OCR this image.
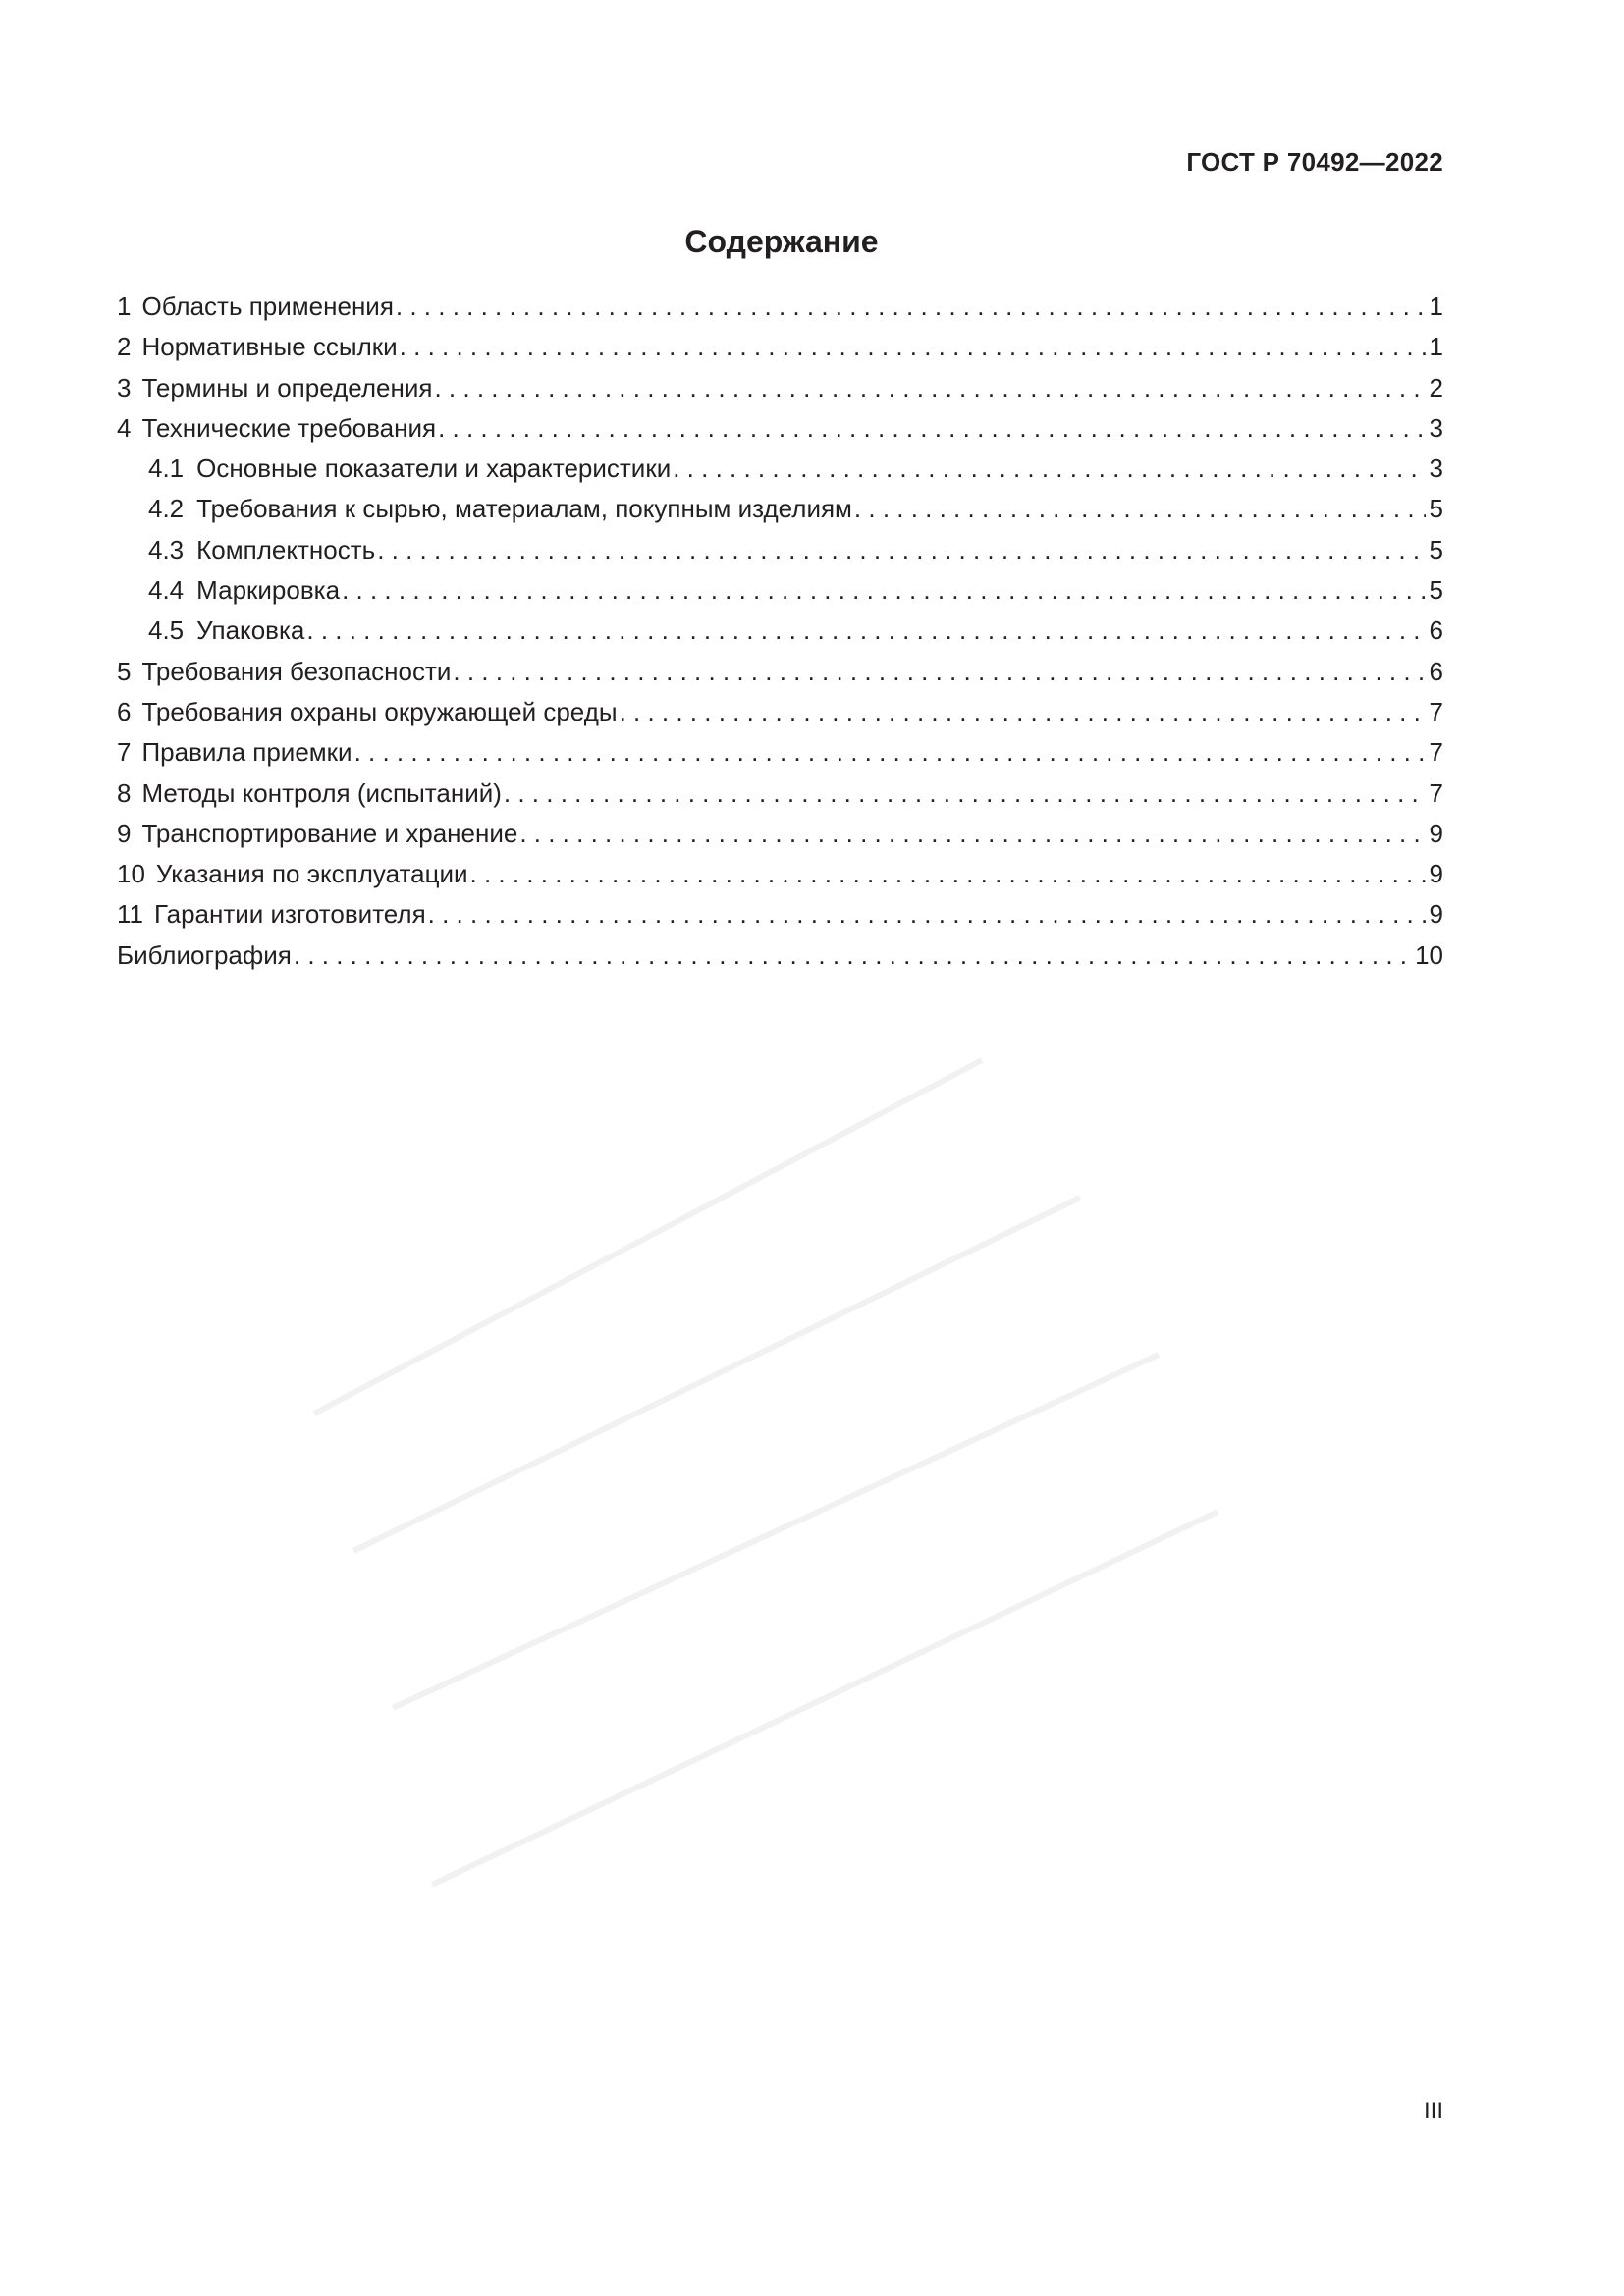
ГОСТ Р 70492—2022
Содержание
1 Область применения . . .	1
2 Нормативные ссылки . . .	1
3 Термины и определения . . .	2
4 Технические требования . . .	3
4.1 Основные показатели и характеристики . . .	3
4.2 Требования к сырью, материалам, покупным изделиям . . .	5
4.3 Комплектность . . .	5
4.4 Маркировка . . .	5
4.5 Упаковка . . .	6
5 Требования безопасности . . .	6
6 Требования охраны окружающей среды . . .	7
7 Правила приемки . . .	7
8 Методы контроля (испытаний) . . .	7
9 Транспортирование и хранение . . .	9
10 Указания по эксплуатации . . .	9
11 Гарантии изготовителя . . .	9
Библиография . . .	10
III
